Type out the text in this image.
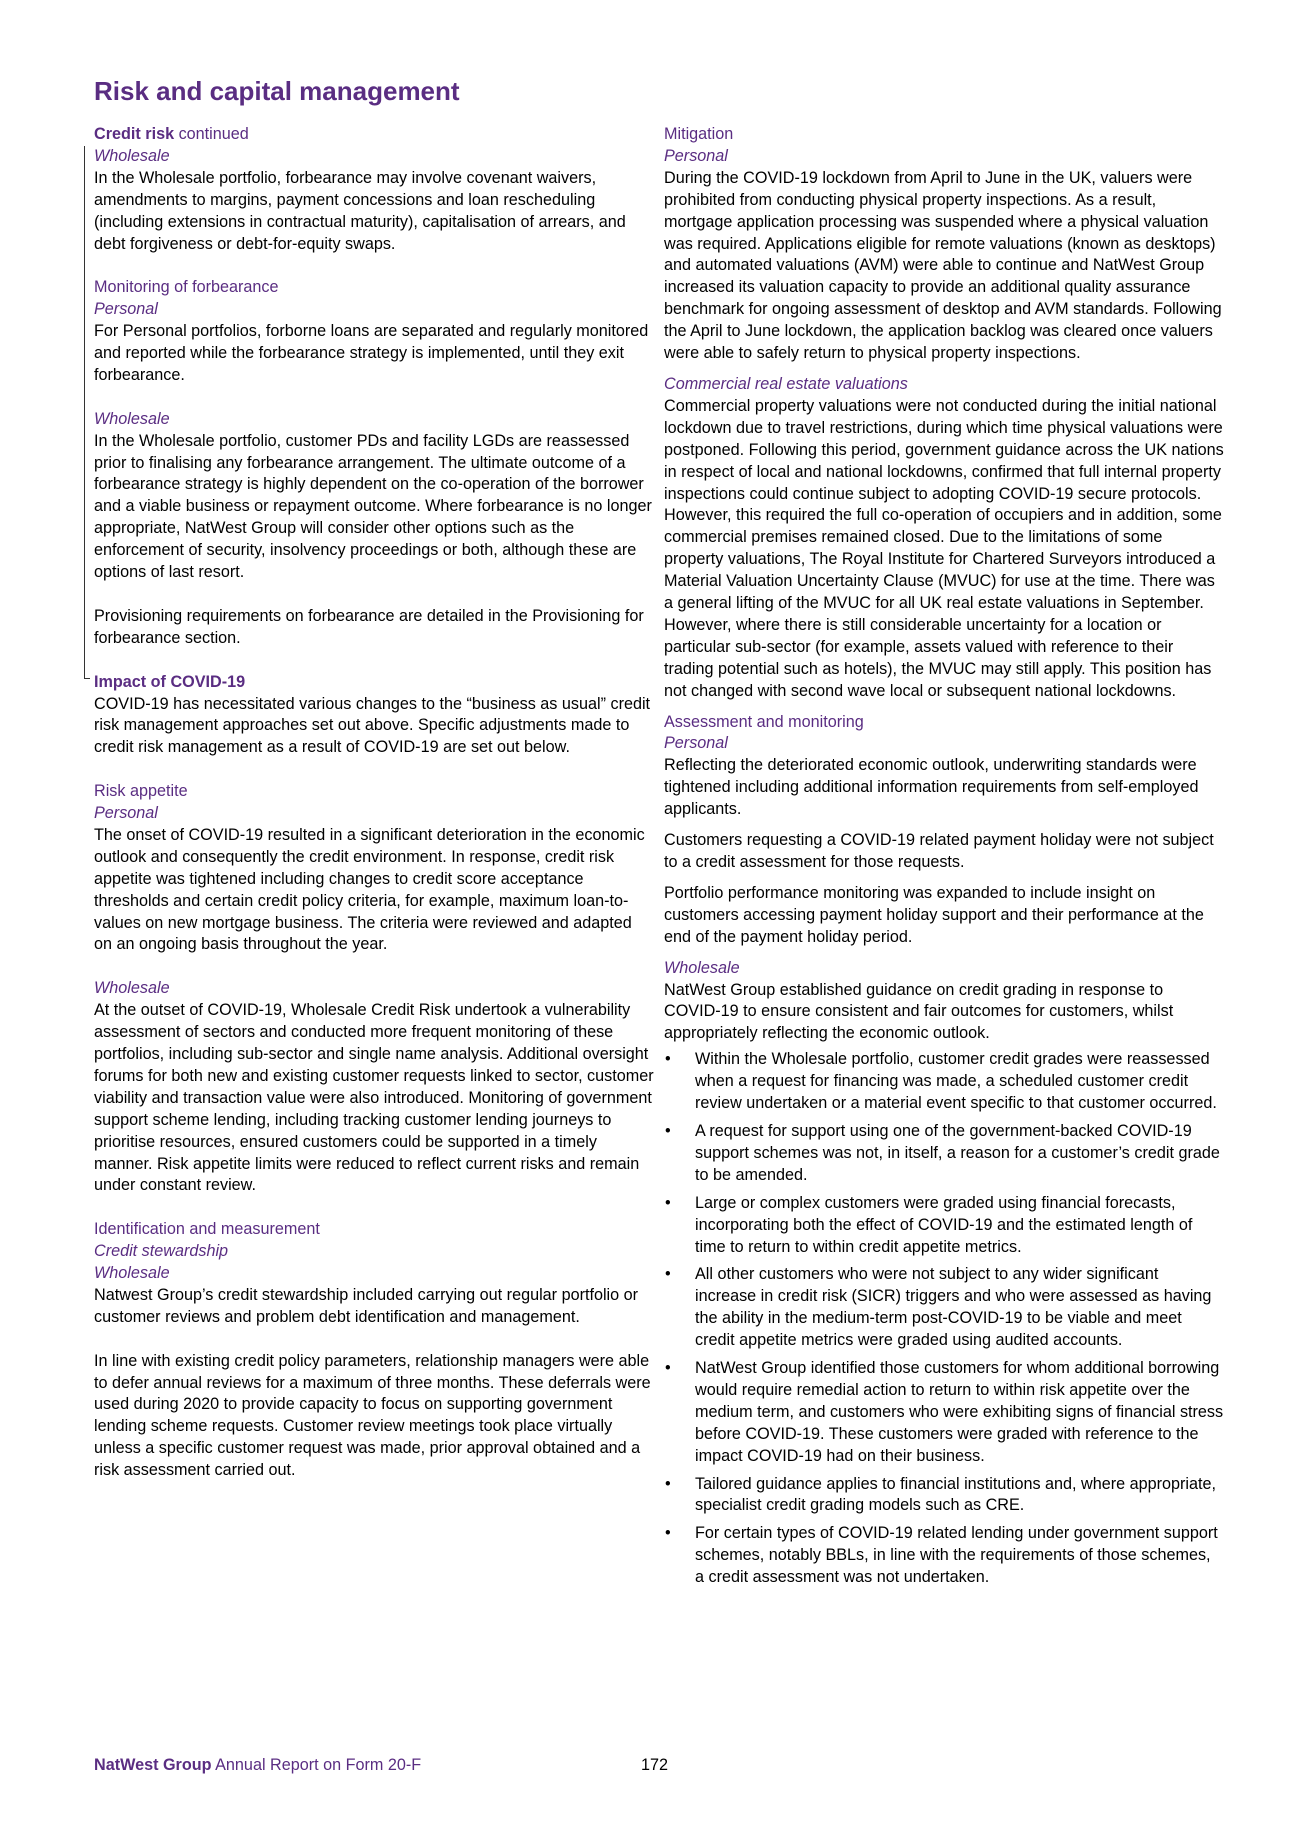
Risk and capital management

Credit risk continued

Wholesale

In the Wholesale portfolio, forbearance may involve covenant waivers, amendments to margins, payment concessions and loan rescheduling (including extensions in contractual maturity), capitalisation of arrears, and debt forgiveness or debt-for-equity swaps.

Monitoring of forbearance

Personal

For Personal portfolios, forborne loans are separated and regularly monitored and reported while the forbearance strategy is implemented, until they exit forbearance.

Wholesale

In the Wholesale portfolio, customer PDs and facility LGDs are reassessed prior to finalising any forbearance arrangement. The ultimate outcome of a forbearance strategy is highly dependent on the co-operation of the borrower and a viable business or repayment outcome. Where forbearance is no longer appropriate, NatWest Group will consider other options such as the enforcement of security, insolvency proceedings or both, although these are options of last resort.

Provisioning requirements on forbearance are detailed in the Provisioning for forbearance section.

Impact of COVID-19

COVID-19 has necessitated various changes to the “business as usual” credit risk management approaches set out above. Specific adjustments made to credit risk management as a result of COVID-19 are set out below.

Risk appetite

Personal

The onset of COVID-19 resulted in a significant deterioration in the economic outlook and consequently the credit environment. In response, credit risk appetite was tightened including changes to credit score acceptance thresholds and certain credit policy criteria, for example, maximum loan-to-values on new mortgage business. The criteria were reviewed and adapted on an ongoing basis throughout the year.

Wholesale

At the outset of COVID-19, Wholesale Credit Risk undertook a vulnerability assessment of sectors and conducted more frequent monitoring of these portfolios, including sub-sector and single name analysis. Additional oversight forums for both new and existing customer requests linked to sector, customer viability and transaction value were also introduced. Monitoring of government support scheme lending, including tracking customer lending journeys to prioritise resources, ensured customers could be supported in a timely manner. Risk appetite limits were reduced to reflect current risks and remain under constant review.

Identification and measurement

Credit stewardship

Wholesale

Natwest Group’s credit stewardship included carrying out regular portfolio or customer reviews and problem debt identification and management.

In line with existing credit policy parameters, relationship managers were able to defer annual reviews for a maximum of three months. These deferrals were used during 2020 to provide capacity to focus on supporting government lending scheme requests. Customer review meetings took place virtually unless a specific customer request was made, prior approval obtained and a risk assessment carried out.

Mitigation

Personal

During the COVID-19 lockdown from April to June in the UK, valuers were prohibited from conducting physical property inspections. As a result, mortgage application processing was suspended where a physical valuation was required. Applications eligible for remote valuations (known as desktops) and automated valuations (AVM) were able to continue and NatWest Group increased its valuation capacity to provide an additional quality assurance benchmark for ongoing assessment of desktop and AVM standards. Following the April to June lockdown, the application backlog was cleared once valuers were able to safely return to physical property inspections.

Commercial real estate valuations

Commercial property valuations were not conducted during the initial national lockdown due to travel restrictions, during which time physical valuations were postponed. Following this period, government guidance across the UK nations in respect of local and national lockdowns, confirmed that full internal property inspections could continue subject to adopting COVID-19 secure protocols. However, this required the full co-operation of occupiers and in addition, some commercial premises remained closed. Due to the limitations of some property valuations, The Royal Institute for Chartered Surveyors introduced a Material Valuation Uncertainty Clause (MVUC) for use at the time. There was a general lifting of the MVUC for all UK real estate valuations in September. However, where there is still considerable uncertainty for a location or particular sub-sector (for example, assets valued with reference to their trading potential such as hotels), the MVUC may still apply. This position has not changed with second wave local or subsequent national lockdowns.

Assessment and monitoring

Personal

Reflecting the deteriorated economic outlook, underwriting standards were tightened including additional information requirements from self-employed applicants.

Customers requesting a COVID-19 related payment holiday were not subject to a credit assessment for those requests.

Portfolio performance monitoring was expanded to include insight on customers accessing payment holiday support and their performance at the end of the payment holiday period.

Wholesale

NatWest Group established guidance on credit grading in response to COVID-19 to ensure consistent and fair outcomes for customers, whilst appropriately reflecting the economic outlook.

• Within the Wholesale portfolio, customer credit grades were reassessed when a request for financing was made, a scheduled customer credit review undertaken or a material event specific to that customer occurred.
• A request for support using one of the government-backed COVID-19 support schemes was not, in itself, a reason for a customer’s credit grade to be amended.
• Large or complex customers were graded using financial forecasts, incorporating both the effect of COVID-19 and the estimated length of time to return to within credit appetite metrics.
• All other customers who were not subject to any wider significant increase in credit risk (SICR) triggers and who were assessed as having the ability in the medium-term post-COVID-19 to be viable and meet credit appetite metrics were graded using audited accounts.
• NatWest Group identified those customers for whom additional borrowing would require remedial action to return to within risk appetite over the medium term, and customers who were exhibiting signs of financial stress before COVID-19. These customers were graded with reference to the impact COVID-19 had on their business.
• Tailored guidance applies to financial institutions and, where appropriate, specialist credit grading models such as CRE.
• For certain types of COVID-19 related lending under government support schemes, notably BBLs, in line with the requirements of those schemes, a credit assessment was not undertaken.
NatWest Group Annual Report on Form 20-F	172
